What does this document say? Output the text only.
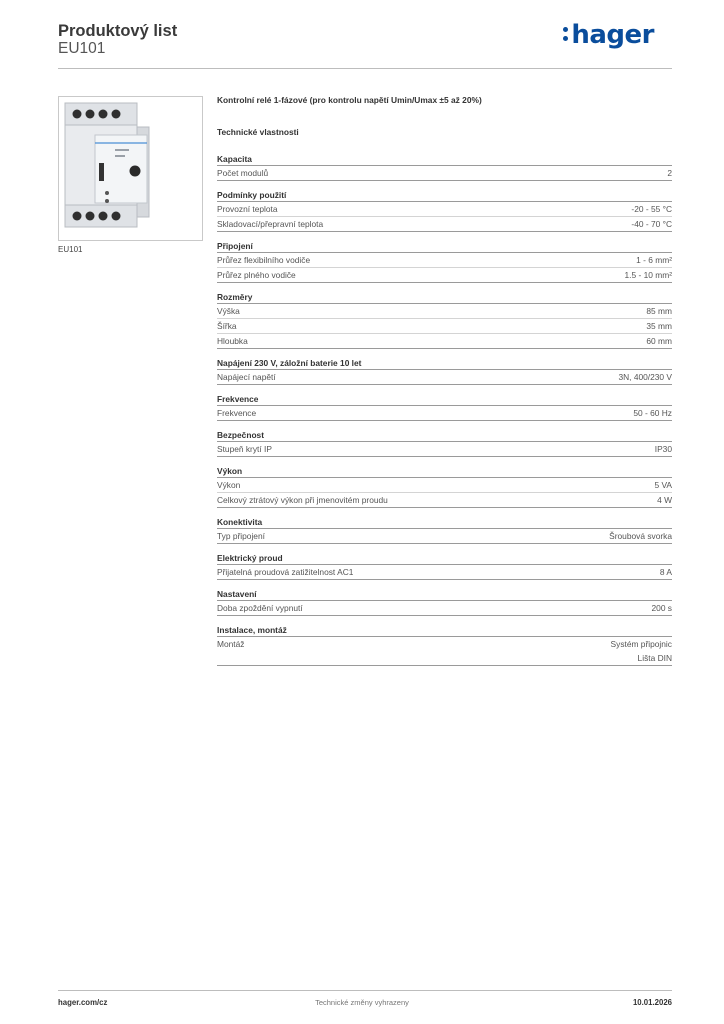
Produktový list
EU101	hager
EU101
Kontrolní relé 1-fázové (pro kontrolu napětí Umin/Umax ±5 až 20%)
Technické vlastnosti
Kapacita
Počet modulů	2
Podmínky použití
Provozní teplota	-20 - 55 °C
Skladovací/přepravní teplota	-40 - 70 °C
Připojení
Průřez flexibilního vodiče	1 - 6 mm²
Průřez plného vodiče	1.5 - 10 mm²
Rozměry
Výška	85 mm
Šířka	35 mm
Hloubka	60 mm
Napájení 230 V, záložní baterie 10 let
Napájecí napětí	3N, 400/230 V
Frekvence
Frekvence	50 - 60 Hz
Bezpečnost
Stupeň krytí IP	IP30
Výkon
Výkon	5 VA
Celkový ztrátový výkon při jmenovitém proudu	4 W
Konektivita
Typ připojení	Šroubová svorka
Elektrický proud
Přijatelná proudová zatižitelnost AC1	8 A
Nastavení
Doba zpoždění vypnutí	200 s
Instalace, montáž
Montáž	Systém připojnic
Lišta DIN
hager.com/cz	Technické změny vyhrazeny	10.01.2026
